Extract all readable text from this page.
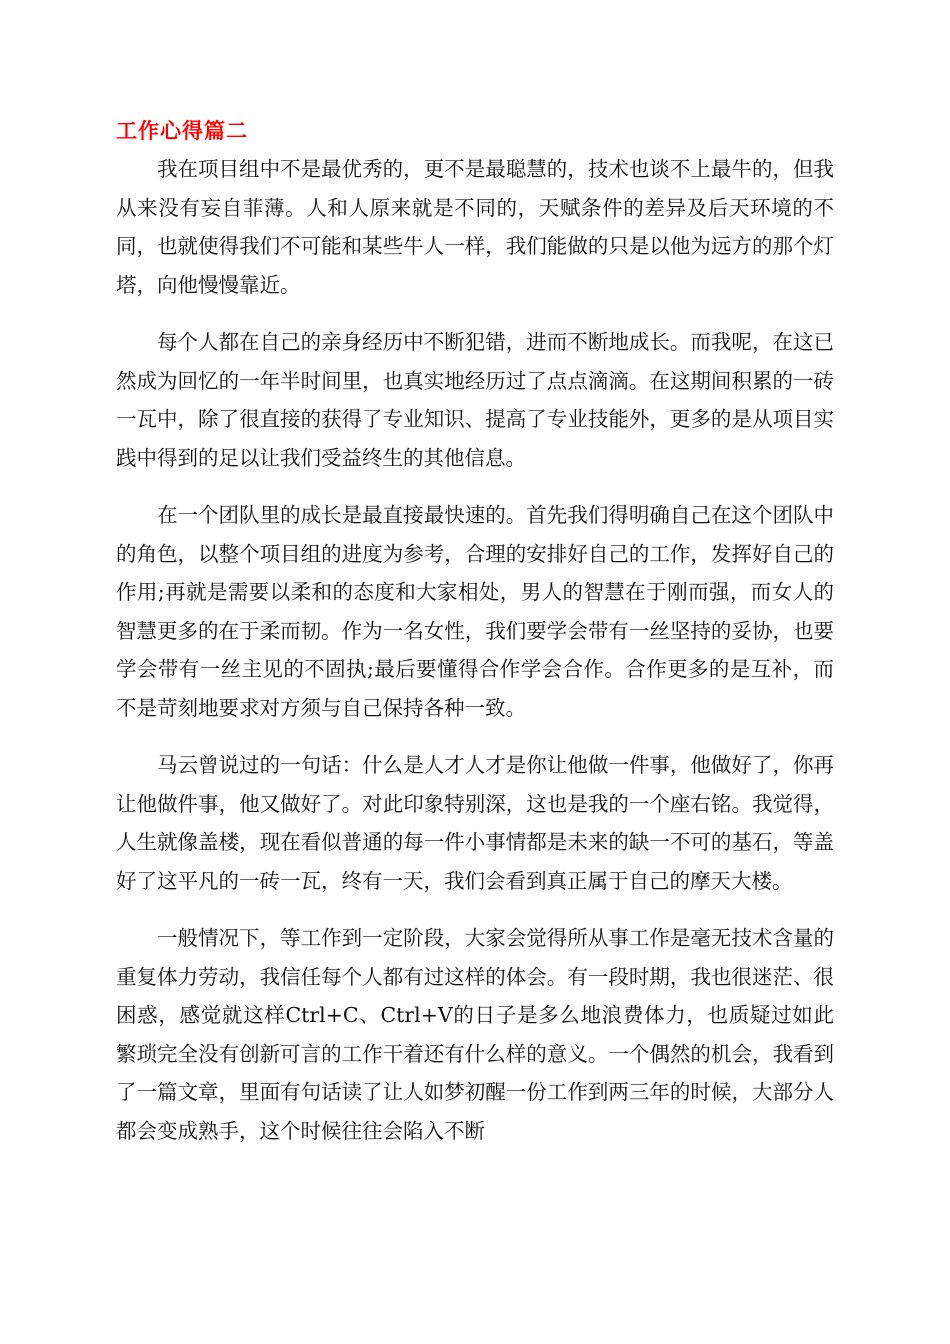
工作心得篇二

我在项目组中不是最优秀的，更不是最聪慧的，技术也谈不上最牛的，但我从来没有妄自菲薄。人和人原来就是不同的，天赋条件的差异及后天环境的不同，也就使得我们不可能和某些牛人一样，我们能做的只是以他为远方的那个灯塔，向他慢慢靠近。

每个人都在自己的亲身经历中不断犯错，进而不断地成长。而我呢，在这已然成为回忆的一年半时间里，也真实地经历过了点点滴滴。在这期间积累的一砖一瓦中，除了很直接的获得了专业知识、提高了专业技能外，更多的是从项目实践中得到的足以让我们受益终生的其他信息。

在一个团队里的成长是最直接最快速的。首先我们得明确自己在这个团队中的角色，以整个项目组的进度为参考，合理的安排好自己的工作，发挥好自己的作用;再就是需要以柔和的态度和大家相处，男人的智慧在于刚而强，而女人的智慧更多的在于柔而韧。作为一名女性，我们要学会带有一丝坚持的妥协，也要学会带有一丝主见的不固执;最后要懂得合作学会合作。合作更多的是互补，而不是苛刻地要求对方须与自己保持各种一致。

马云曾说过的一句话：什么是人才人才是你让他做一件事，他做好了，你再让他做件事，他又做好了。对此印象特别深，这也是我的一个座右铭。我觉得，人生就像盖楼，现在看似普通的每一件小事情都是未来的缺一不可的基石，等盖好了这平凡的一砖一瓦，终有一天，我们会看到真正属于自己的摩天大楼。

一般情况下，等工作到一定阶段，大家会觉得所从事工作是毫无技术含量的重复体力劳动，我信任每个人都有过这样的体会。有一段时期，我也很迷茫、很困惑，感觉就这样Ctrl+C、Ctrl+V的日子是多么地浪费体力，也质疑过如此繁琐完全没有创新可言的工作干着还有什么样的意义。一个偶然的机会，我看到了一篇文章，里面有句话读了让人如梦初醒一份工作到两三年的时候，大部分人都会变成熟手，这个时候往往会陷入不断
